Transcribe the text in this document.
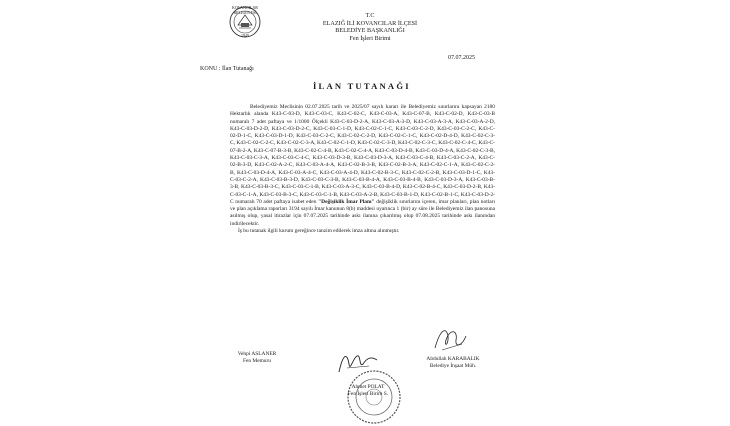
KOVANCILAR BELEDİYESİ
1949
T.C
ELAZIĞ İLİ KOVANCILAR İLÇESİ
BELEDİYE BAŞKANLIĞI
Fen İşleri Birimi
07.07.2025
KONU : İlan Tutanağı
İLAN TUTANAĞI

Belediyemiz Meclisinin 02.07.2025 tarih ve 2025/07 sayılı kararı ile Belediyemiz sınırlarını kapsayan 2180 Hektarlık alanda K43-C-03-D, K43-C-03-C, K43-C-02-C, K43-C-03-A, K43-C-07-B, K43-C-02-D, K43-C-03-B numaralı 7 adet paftaya ve 1/1000 Ölçekli K43-C-03-D-2-A, K43-C-03-A-3-D, K43-C-03-A-3-A, K43-C-03-A-2-D, K43-C-03-D-2-D, K43-C-03-D-2-C, K43-C-03-C-1-D, K43-C-02-C-1-C, K43-C-03-C-2-D, K43-C-03-C-2-C, K43-C-02-D-1-C, K43-C-03-D-1-D, K43-C-03-C-2-C, K43-C-02-C-2-D, K43-C-02-C-1-C, K43-C-02-D-4-D, K43-C-02-C-3-C, K43-C-02-C-2-C, K43-C-02-C-3-A, K43-C-02-C-1-D, K43-C-02-C-3-D, K43-C-02-C-3-C, K43-C-02-C-4-C, K43-C-07-B-2-A, K43-C-07-B-3-B, K43-C-02-C-4-B, K43-C-02-C-4-A, K43-C-03-D-4-B, K43-C-03-D-4-A, K43-C-02-C-3-B, K43-C-03-C-3-A, K43-C-03-C-4-C, K43-C-03-D-3-B, K43-C-03-D-3-A, K43-C-03-C-4-B, K43-C-03-C-2-A, K43-C-02-B-3-D, K43-C-02-A-2-C, K43-C-03-A-4-A, K43-C-02-B-3-B, K43-C-02-B-3-A, K43-C-02-C-1-A, K43-C-02-C-2-B, K43-C-03-D-4-A, K43-C-03-A-4-C, K43-C-03-A-4-D, K43-C-02-B-3-C, K43-C-02-C-2-B, K43-C-03-D-1-C, K43-C-03-C-2-A, K43-C-03-B-3-D, K43-C-03-C-3-B, K43-C-03-B-4-A, K43-C-03-B-4-B, K43-C-03-D-3-A, K43-C-03-B-3-B, K43-C-03-B-3-C, K43-C-03-C-1-B, K43-C-03-A-3-C, K43-C-03-B-4-D, K43-C-02-B-4-C, K43-C-03-D-2-B, K43-C-03-C-1-A, K43-C-03-B-3-C, K43-C-03-C-1-B, K43-C-03-A-2-B, K43-C-03-B-1-D, K43-C-02-B-1-C, K43-C-03-D-2-C numaralı 70 adet paftaya isabet eden "Değişiklik İmar Planı" değişiklik sınırlarını içeren, imar planları, plan notları ve plan açıklama raporları 3194 sayılı İmar kanunun 8(b) maddesi uyarınca 1 (bir) ay süre ile Belediyemiz ilan panosuna asılmış olup, yasal itirazlar için 07.07.2025 tarihinde askı ilanına çıkarılmış olup 07.08.2025 tarihinde askı ilanından indirilecektir.

İş bu tutanak ilgili kurum gereğince tanzim edilerek imza altına alınmıştır.

Vehpi ASLANER
Fen Memuru	Abdullah KARABALIK
Belediye İnşaat Müh.
Ahmet POLAT
Fen İşleri Birim S.
